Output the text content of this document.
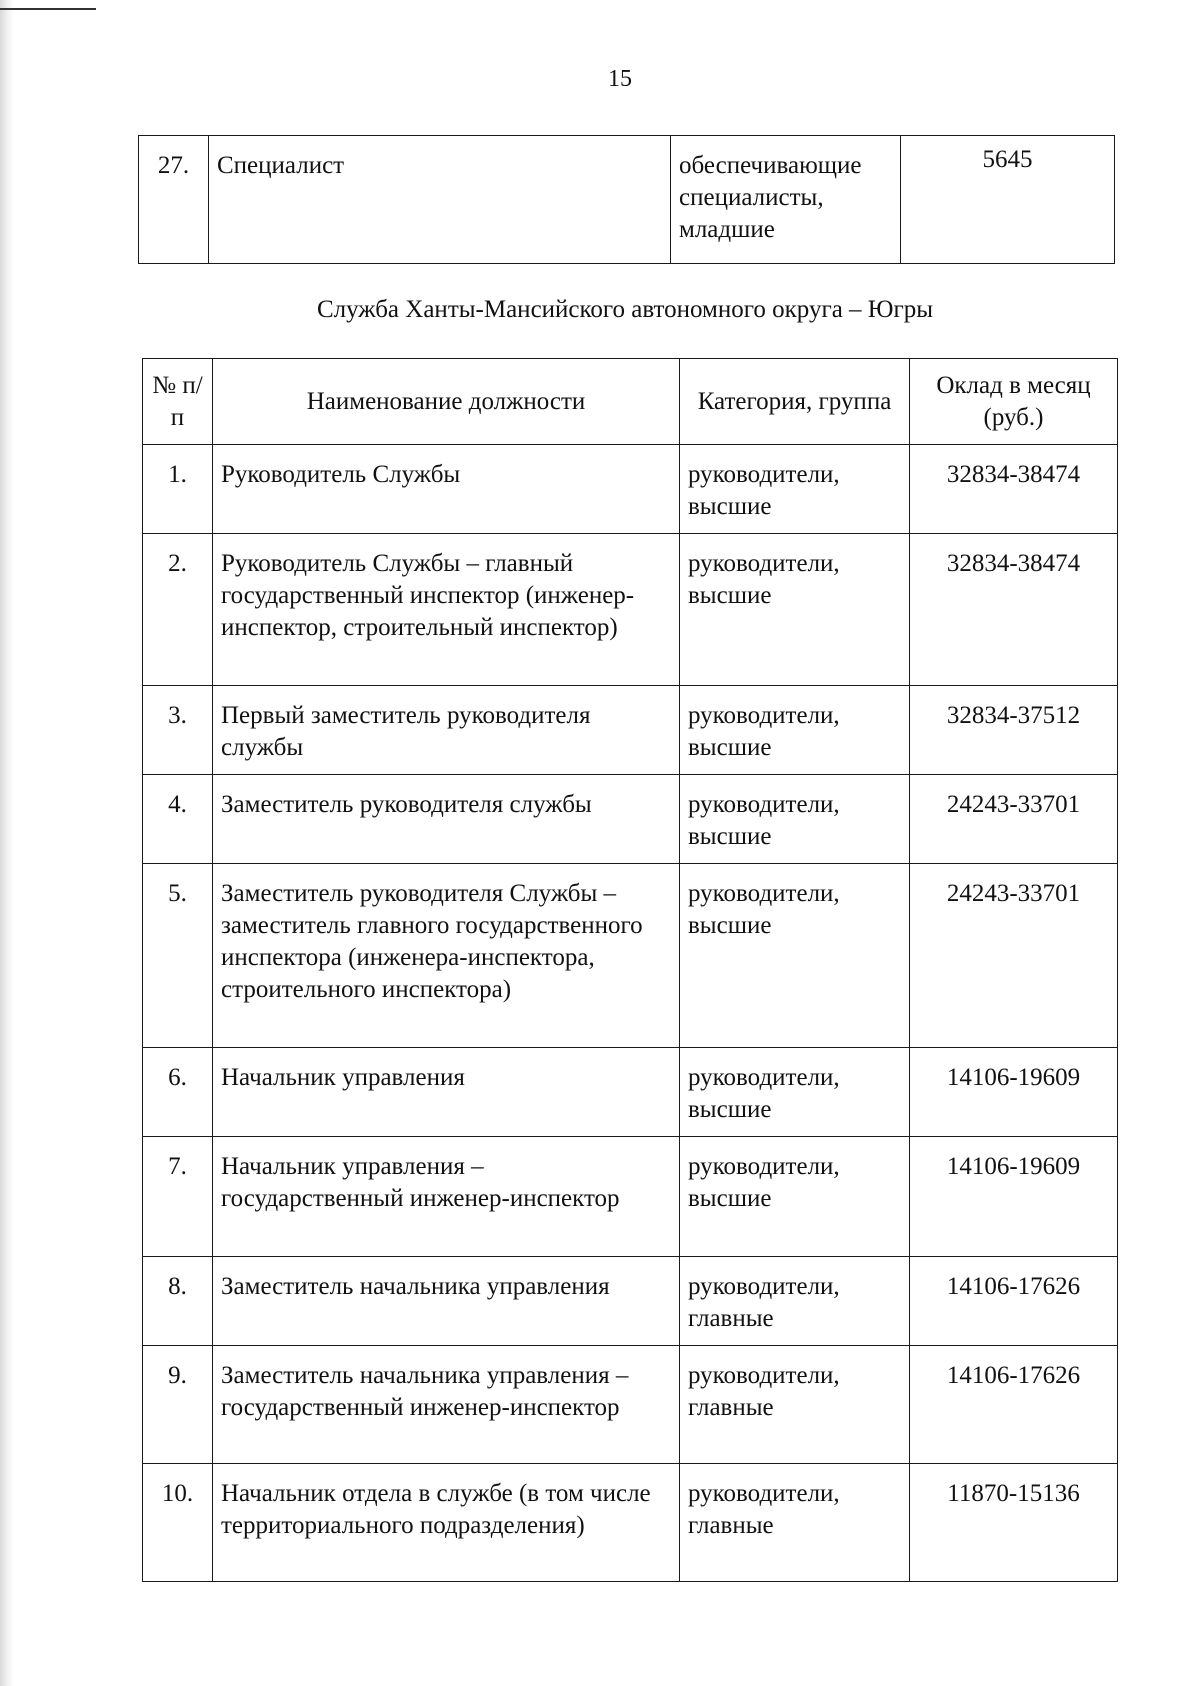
15
27.	Специалист	обеспечивающие специалисты, младшие	5645
Служба Ханты-Мансийского автономного округа – Югры
№ п/п	Наименование должности	Категория, группа	Оклад в месяц (руб.)
1.	Руководитель Службы	руководители, высшие	32834-38474
2.	Руководитель Службы – главный государственный инспектор (инженер-инспектор, строительный инспектор)	руководители, высшие	32834-38474
3.	Первый заместитель руководителя службы	руководители, высшие	32834-37512
4.	Заместитель руководителя службы	руководители, высшие	24243-33701
5.	Заместитель руководителя Службы – заместитель главного государственного инспектора (инженера-инспектора, строительного инспектора)	руководители, высшие	24243-33701
6.	Начальник управления	руководители, высшие	14106-19609
7.	Начальник управления – государственный инженер-инспектор	руководители, высшие	14106-19609
8.	Заместитель начальника управления	руководители, главные	14106-17626
9.	Заместитель начальника управления – государственный инженер-инспектор	руководители, главные	14106-17626
10.	Начальник отдела в службе (в том числе территориального подразделения)	руководители, главные	11870-15136
